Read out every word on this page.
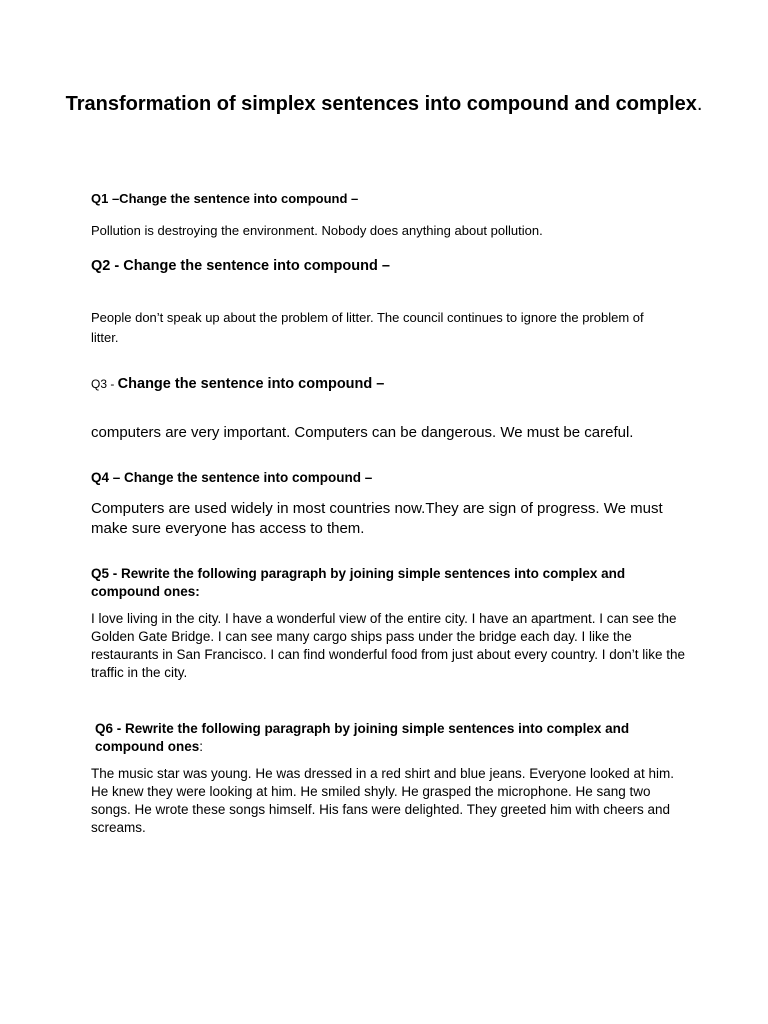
Transformation of simplex sentences into compound and complex.

Q1 –Change the sentence into compound –

Pollution is destroying the environment. Nobody does anything about pollution.

Q2 - Change the sentence into compound –

People don’t speak up about the problem of litter. The council continues to ignore the problem of litter.

Q3 - Change the sentence into compound –

computers are very important. Computers can be dangerous. We must be careful.

Q4 – Change the sentence into compound –

Computers are used widely in most countries now.They are sign of progress. We must make sure everyone has access to them.

Q5 - Rewrite the following paragraph by joining simple sentences into complex and compound ones:

I love living in the city. I have a wonderful view of the entire city. I have an apartment. I can see the Golden Gate Bridge. I can see many cargo ships pass under the bridge each day. I like the restaurants in San Francisco. I can find wonderful food from just about every country. I don’t like the traffic in the city.

Q6 - Rewrite the following paragraph by joining simple sentences into complex and compound ones:

The music star was young. He was dressed in a red shirt and blue jeans. Everyone looked at him. He knew they were looking at him. He smiled shyly. He grasped the microphone. He sang two songs. He wrote these songs himself. His fans were delighted. They greeted him with cheers and screams.
